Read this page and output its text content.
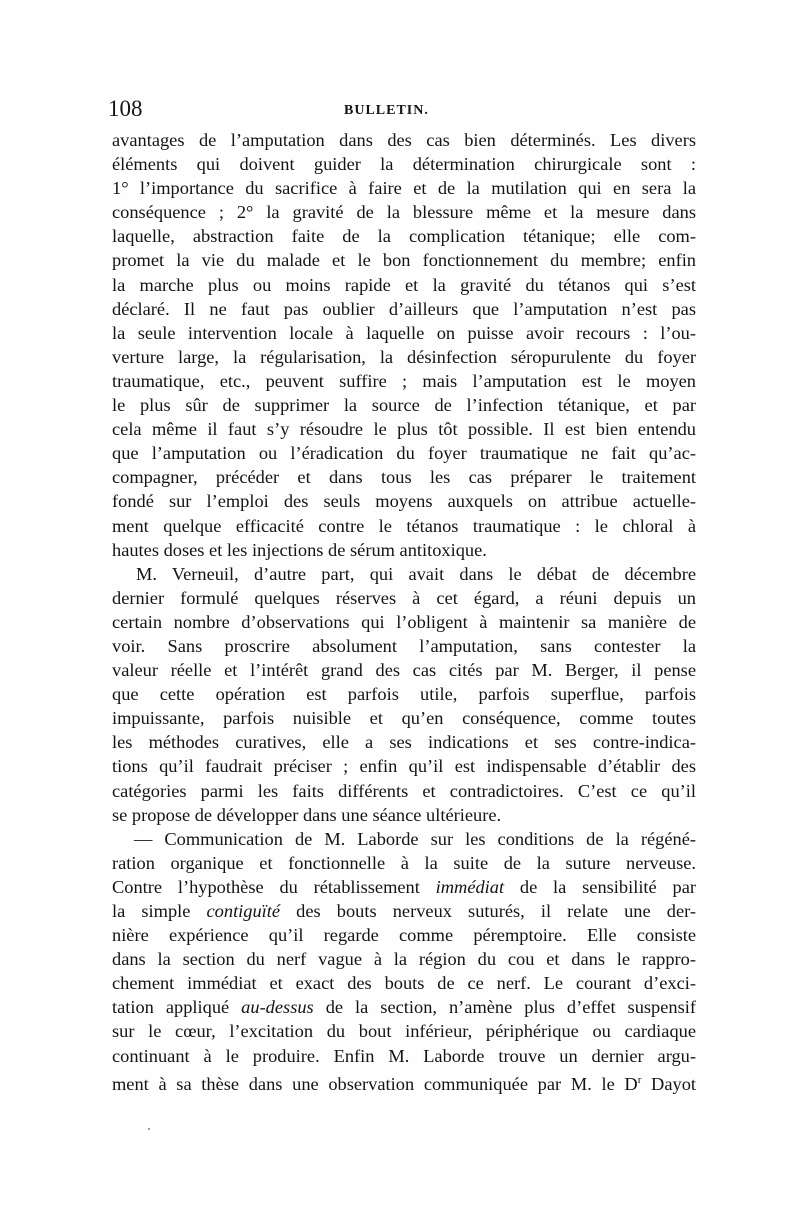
108	BULLETIN.
avantages de l’amputation dans des cas bien déterminés. Les divers
éléments qui doivent guider la détermination chirurgicale sont :
1° l’importance du sacrifice à faire et de la mutilation qui en sera la
conséquence ; 2° la gravité de la blessure même et la mesure dans
laquelle, abstraction faite de la complication tétanique; elle com-
promet la vie du malade et le bon fonctionnement du membre; enfin
la marche plus ou moins rapide et la gravité du tétanos qui s’est
déclaré. Il ne faut pas oublier d’ailleurs que l’amputation n’est pas
la seule intervention locale à laquelle on puisse avoir recours : l’ou-
verture large, la régularisation, la désinfection séropurulente du foyer
traumatique, etc., peuvent suffire ; mais l’amputation est le moyen
le plus sûr de supprimer la source de l’infection tétanique, et par
cela même il faut s’y résoudre le plus tôt possible. Il est bien entendu
que l’amputation ou l’éradication du foyer traumatique ne fait qu’ac-
compagner, précéder et dans tous les cas préparer le traitement
fondé sur l’emploi des seuls moyens auxquels on attribue actuelle-
ment quelque efficacité contre le tétanos traumatique : le chloral à
hautes doses et les injections de sérum antitoxique.
M. Verneuil, d’autre part, qui avait dans le débat de décembre
dernier formulé quelques réserves à cet égard, a réuni depuis un
certain nombre d’observations qui l’obligent à maintenir sa manière de
voir. Sans proscrire absolument l’amputation, sans contester la
valeur réelle et l’intérêt grand des cas cités par M. Berger, il pense
que cette opération est parfois utile, parfois superflue, parfois
impuissante, parfois nuisible et qu’en conséquence, comme toutes
les méthodes curatives, elle a ses indications et ses contre-indica-
tions qu’il faudrait préciser ; enfin qu’il est indispensable d’établir des
catégories parmi les faits différents et contradictoires. C’est ce qu’il
se propose de développer dans une séance ultérieure.
— Communication de M. Laborde sur les conditions de la régéné-
ration organique et fonctionnelle à la suite de la suture nerveuse.
Contre l’hypothèse du rétablissement immédiat de la sensibilité par
la simple contiguïté des bouts nerveux suturés, il relate une der-
nière expérience qu’il regarde comme péremptoire. Elle consiste
dans la section du nerf vague à la région du cou et dans le rappro-
chement immédiat et exact des bouts de ce nerf. Le courant d’exci-
tation appliqué au-dessus de la section, n’amène plus d’effet suspensif
sur le cœur, l’excitation du bout inférieur, périphérique ou cardiaque
continuant à le produire. Enfin M. Laborde trouve un dernier argu-
ment à sa thèse dans une observation communiquée par M. le $D^r$ Dayot
